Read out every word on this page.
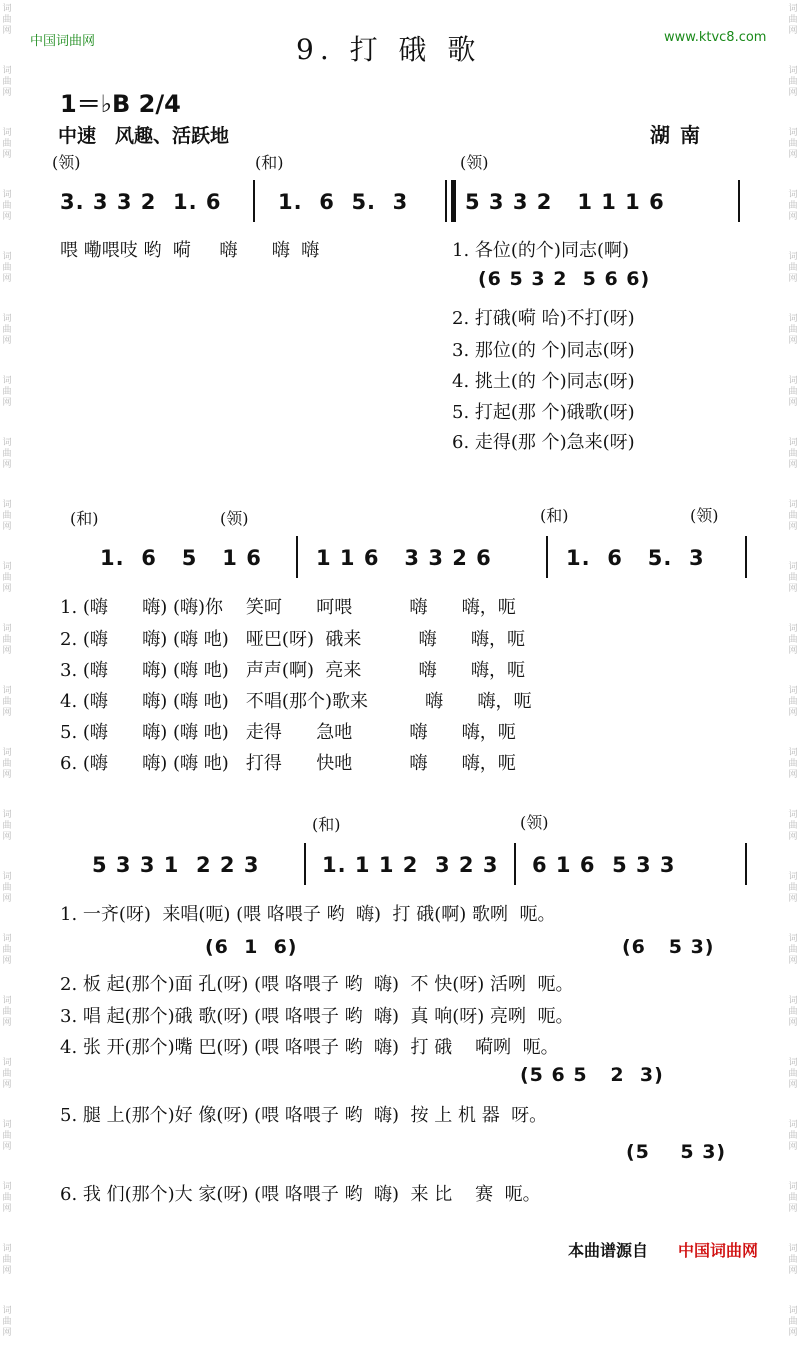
词
曲
网
词
曲
网
词
曲
网
词
曲
网
词
曲
网
词
曲
网
词
曲
网
词
曲
网
词
曲
网
词
曲
网
词
曲
网
词
曲
网
词
曲
网
词
曲
网
词
曲
网
词
曲
网
词
曲
网
词
曲
网
词
曲
网
词
曲
网
词
曲
网
词
曲
网
词
曲
网
词
曲
网
词
曲
网
词
曲
网
词
曲
网
词
曲
网
词
曲
网
词
曲
网
词
曲
网
词
曲
网
词
曲
网
词
曲
网
词
曲
网
词
曲
网
词
曲
网
词
曲
网
词
曲
网
词
曲
网
词
曲
网
词
曲
网
词
曲
网
词
曲
网
中国词曲网	9. 打 硪 歌	www.ktvc8.com
1＝♭B 2/4
中速　风趣、活跃地	湖南
(领)	(和)	(领)
3. 3 3 2  1. 6	1.  6  5.  3	5 3 3 2   1 1 1 6
喂 嘞喂吱 哟  嗬     嗨      嗨  嗨	1. 各位(的个)同志(啊)
(6 5 3 2  5 6 6)
2. 打硪(嗬 哈)不打(呀)
3. 那位(的 个)同志(呀)
4. 挑土(的 个)同志(呀)
5. 打起(那 个)硪歌(呀)
6. 走得(那 个)急来(呀)
(和)	(领)	(和)	(领)
1.  6   5   1 6	1 1 6   3 3 2 6	1.  6   5.  3
1. (嗨      嗨) (嗨)你    笑呵      呵喂          嗨      嗨，呃
2. (嗨      嗨) (嗨 吔)   哑巴(呀)  硪来          嗨      嗨，呃
3. (嗨      嗨) (嗨 吔)   声声(啊)  亮来          嗨      嗨，呃
4. (嗨      嗨) (嗨 吔)   不唱(那个)歌来          嗨      嗨，呃
5. (嗨      嗨) (嗨 吔)   走得      急吔          嗨      嗨，呃
6. (嗨      嗨) (嗨 吔)   打得      快吔          嗨      嗨，呃
(和)	(领)
5 3 3 1  2 2 3	1. 1 1 2  3 2 3 6 1 6  5 3 3
1. 一齐(呀)  来唱(呃) (喂 咯喂子 哟  嗨)  打 硪(啊) 歌咧  呃。
(6  1  6)	(6   5 3)
2. 板 起(那个)面 孔(呀) (喂 咯喂子 哟  嗨)  不 快(呀) 活咧  呃。
3. 唱 起(那个)硪 歌(呀) (喂 咯喂子 哟  嗨)  真 响(呀) 亮咧  呃。
4. 张 开(那个)嘴 巴(呀) (喂 咯喂子 哟  嗨)  打 硪    嗬咧  呃。
(5 6 5   2  3)
5. 腿 上(那个)好 像(呀) (喂 咯喂子 哟  嗨)  按 上 机 器  呀。
(5    5 3)
6. 我 们(那个)大 家(呀) (喂 咯喂子 哟  嗨)  来 比    赛  呃。
本曲谱源自 中国词曲网
